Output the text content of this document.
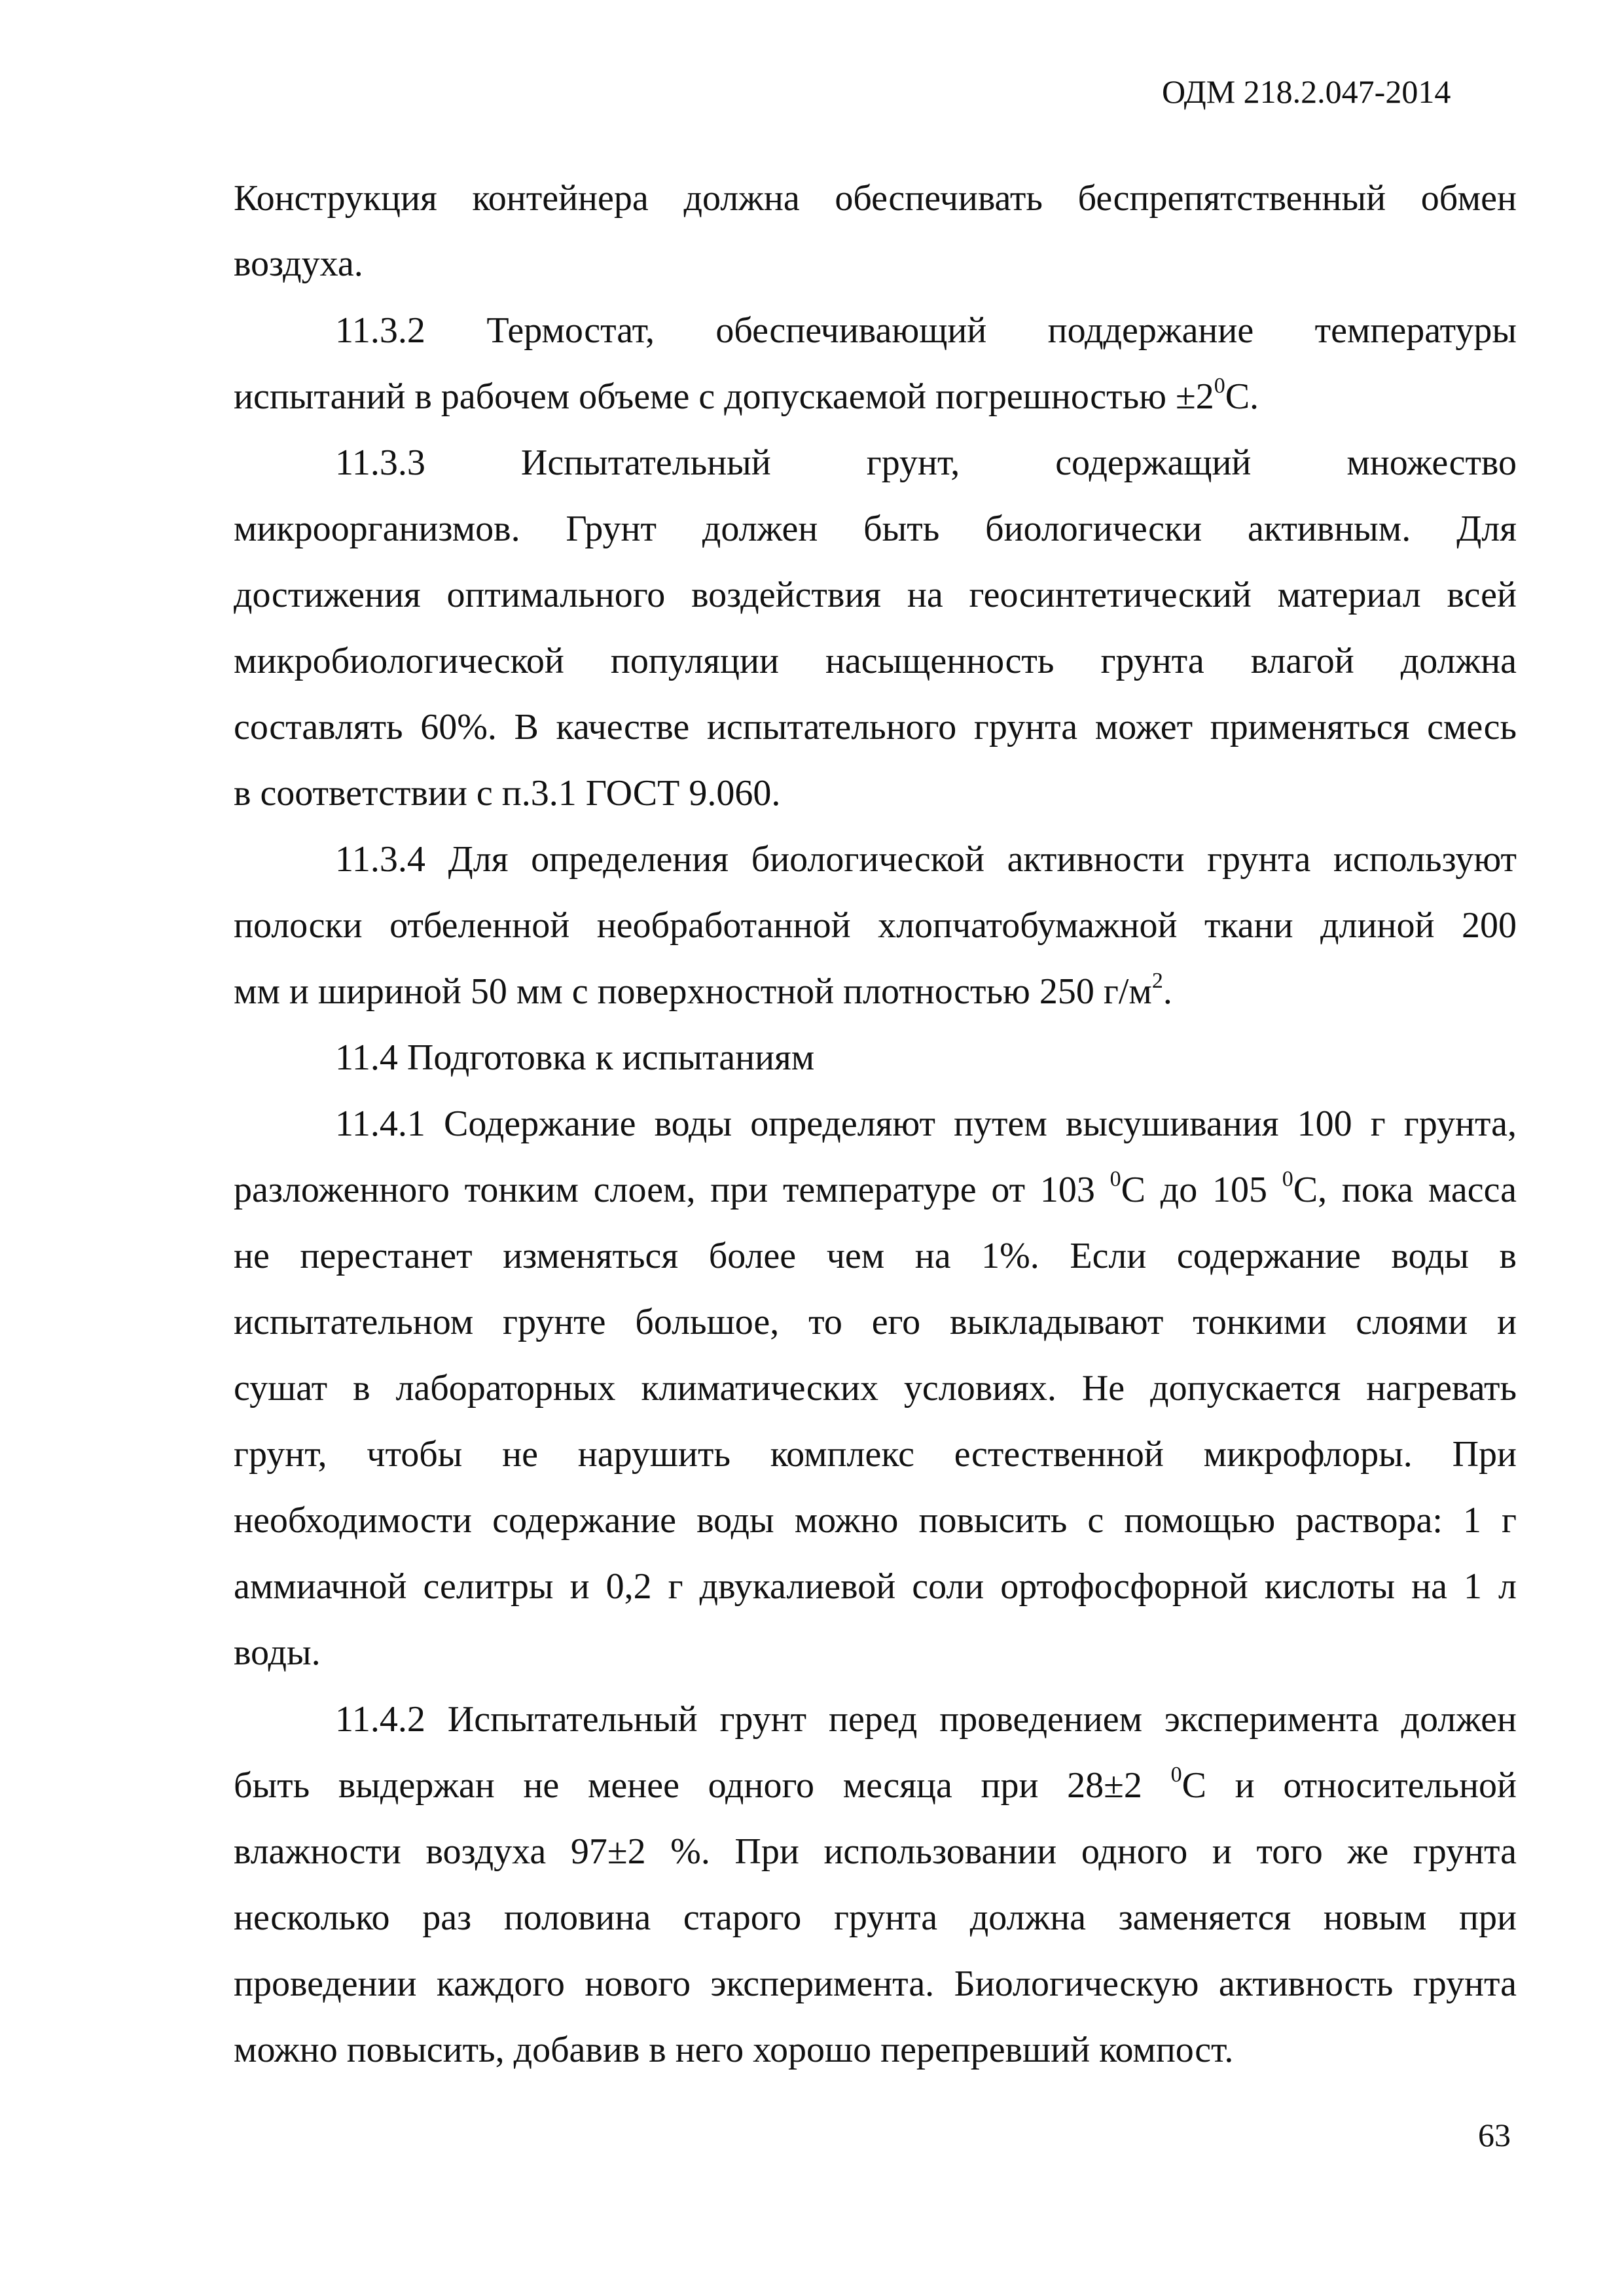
ОДМ 218.2.047-2014

Конструкция контейнера должна обеспечивать беспрепятственный обмен

воздуха.

11.3.2 Термостат, обеспечивающий поддержание температуры

испытаний в рабочем объеме с допускаемой погрешностью $\pm 2^0С$.

11.3.3 Испытательный грунт, содержащий множество

микроорганизмов. Грунт должен быть биологически активным. Для

достижения оптимального воздействия на геосинтетический материал всей

микробиологической популяции насыщенность грунта влагой должна

составлять 60%. В качестве испытательного грунта может применяться смесь

в соответствии с п.3.1 ГОСТ 9.060.

11.3.4 Для определения биологической активности грунта используют

полоски отбеленной необработанной хлопчатобумажной ткани длиной 200

мм и шириной 50 мм с поверхностной плотностью 250 $г/м^2$.

11.4 Подготовка к испытаниям

11.4.1 Содержание воды определяют путем высушивания 100 г грунта,

разложенного тонким слоем, при температуре от 103 $^0$С до 105 $^0$С, пока масса

не перестанет изменяться более чем на 1%. Если содержание воды в

испытательном грунте большое, то его выкладывают тонкими слоями и

сушат в лабораторных климатических условиях. Не допускается нагревать

грунт, чтобы не нарушить комплекс естественной микрофлоры. При

необходимости содержание воды можно повысить с помощью раствора: 1 г

аммиачной селитры и 0,2 г двукалиевой соли ортофосфорной кислоты на 1 л

воды.

11.4.2 Испытательный грунт перед проведением эксперимента должен

быть выдержан не менее одного месяца при 28±2 $^0$С и относительной

влажности воздуха 97±2 %. При использовании одного и того же грунта

несколько раз половина старого грунта должна заменяется новым при

проведении каждого нового эксперимента. Биологическую активность грунта

можно повысить, добавив в него хорошо перепревший компост.

63
